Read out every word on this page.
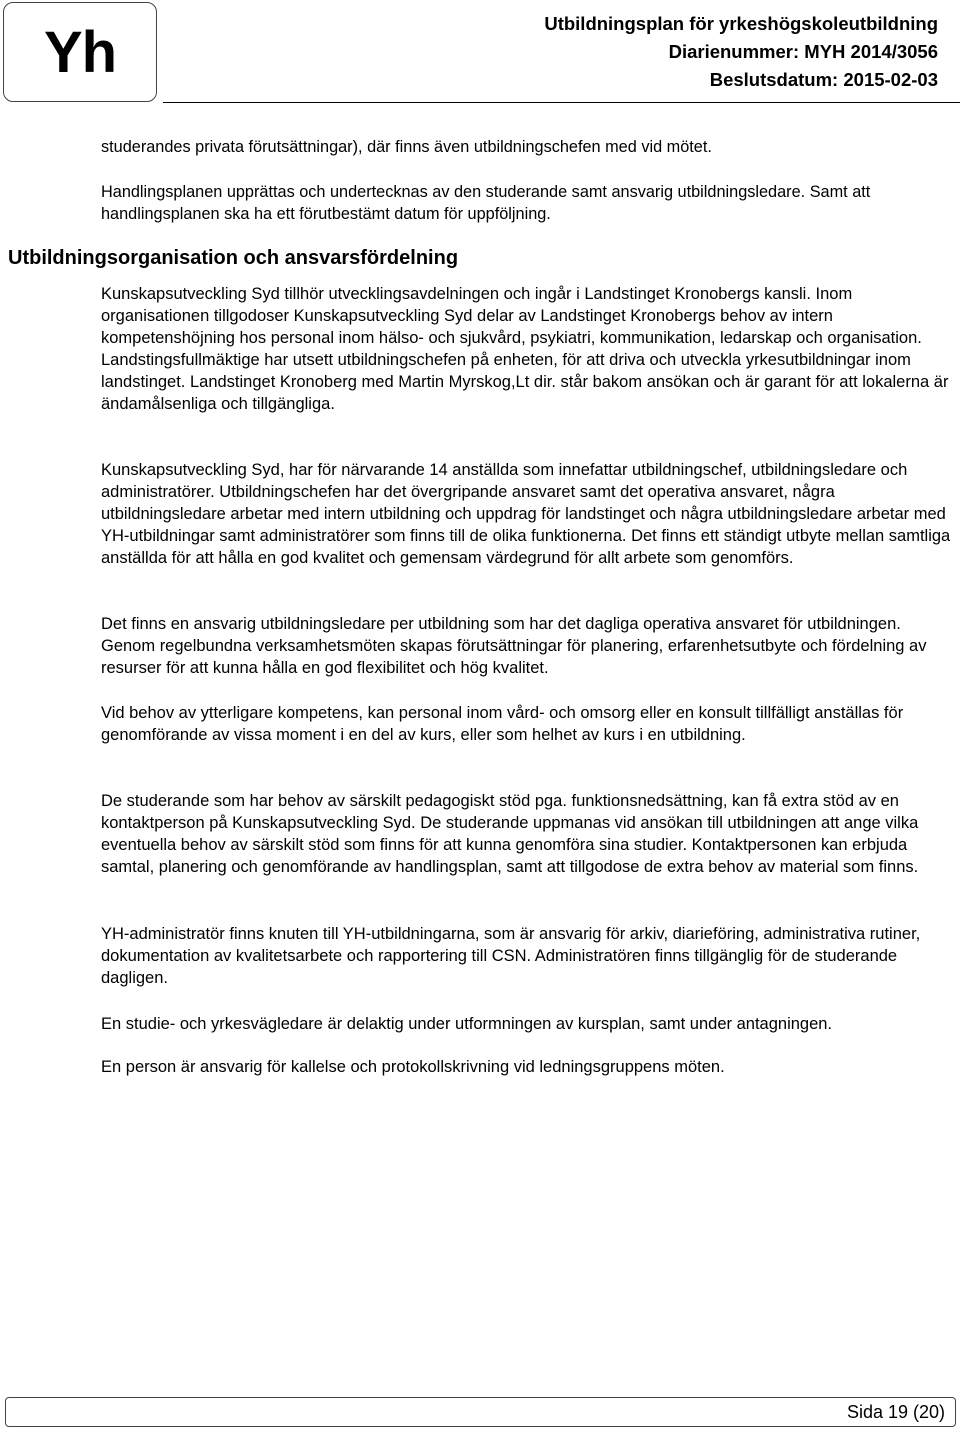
Yh	Utbildningsplan för yrkeshögskoleutbildning
Diarienummer: MYH 2014/3056
Beslutsdatum: 2015-02-03

studerandes privata förutsättningar), där finns även utbildningschefen med vid mötet.

Handlingsplanen upprättas och undertecknas av den studerande samt ansvarig utbildningsledare. Samt att handlingsplanen ska ha ett förutbestämt datum för uppföljning.

Utbildningsorganisation och ansvarsfördelning

Kunskapsutveckling Syd tillhör utvecklingsavdelningen och ingår i Landstinget Kronobergs kansli. Inom organisationen tillgodoser Kunskapsutveckling Syd delar av Landstinget Kronobergs behov av intern kompetenshöjning hos personal inom hälso- och sjukvård, psykiatri, kommunikation, ledarskap och organisation. Landstingsfullmäktige har utsett utbildningschefen på enheten, för att driva och utveckla yrkesutbildningar inom landstinget. Landstinget Kronoberg med Martin Myrskog,Lt dir. står bakom ansökan och är garant för att lokalerna är ändamålsenliga och tillgängliga.

Kunskapsutveckling Syd, har för närvarande 14 anställda som innefattar utbildningschef, utbildningsledare och administratörer. Utbildningschefen har det övergripande ansvaret samt det operativa ansvaret, några utbildningsledare arbetar med intern utbildning och uppdrag för landstinget och några utbildningsledare arbetar med YH-utbildningar samt administratörer som finns till de olika funktionerna. Det finns ett ständigt utbyte mellan samtliga anställda för att hålla en god kvalitet och gemensam värdegrund för allt arbete som genomförs.

Det finns en ansvarig utbildningsledare per utbildning som har det dagliga operativa ansvaret för utbildningen. Genom regelbundna verksamhetsmöten skapas förutsättningar för planering, erfarenhetsutbyte och fördelning av resurser för att kunna hålla en god flexibilitet och hög kvalitet.

Vid behov av ytterligare kompetens, kan personal inom vård- och omsorg eller en konsult tillfälligt anställas för genomförande av vissa moment i en del av kurs, eller som helhet av kurs i en utbildning.

De studerande som har behov av särskilt pedagogiskt stöd pga. funktionsnedsättning, kan få extra stöd av en kontaktperson på Kunskapsutveckling Syd. De studerande uppmanas vid ansökan till utbildningen att ange vilka eventuella behov av särskilt stöd som finns för att kunna genomföra sina studier. Kontaktpersonen kan erbjuda samtal, planering och genomförande av handlingsplan, samt att tillgodose de extra behov av material som finns.

YH-administratör finns knuten till YH-utbildningarna, som är ansvarig för arkiv, diarieföring, administrativa rutiner, dokumentation av kvalitetsarbete och rapportering till CSN. Administratören finns tillgänglig för de studerande dagligen.

En studie- och yrkesvägledare är delaktig under utformningen av kursplan, samt under antagningen.

En person är ansvarig för kallelse och protokollskrivning vid ledningsgruppens möten.

Sida 19 (20)
